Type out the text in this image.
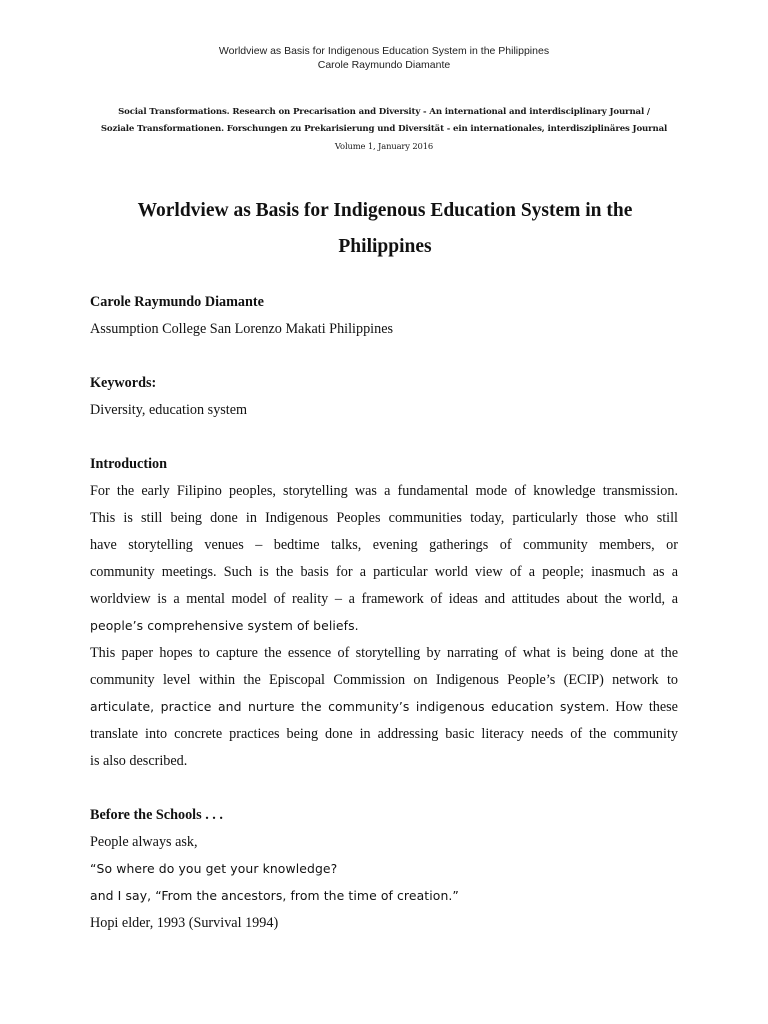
Worldview as Basis for Indigenous Education System in the Philippines
Carole Raymundo Diamante
Social Transformations. Research on Precarisation and Diversity - An international and interdisciplinary Journal /
Soziale Transformationen. Forschungen zu Prekarisierung und Diversität - ein internationales, interdisziplinäres Journal
Volume 1, January 2016
Worldview as Basis for Indigenous Education System in the
Philippines
Carole Raymundo Diamante
Assumption College San Lorenzo Makati Philippines
Keywords:
Diversity, education system
Introduction
For the early Filipino peoples, storytelling was a fundamental mode of knowledge transmission.
This is still being done in Indigenous Peoples communities today, particularly those who still
have storytelling venues – bedtime talks, evening gatherings of community members, or
community meetings. Such is the basis for a particular world view of a people; inasmuch as a
worldview is a mental model of reality – a framework of ideas and attitudes about the world, a
people’s comprehensive system of beliefs.
This paper hopes to capture the essence of storytelling by narrating of what is being done at the
community level within the Episcopal Commission on Indigenous People’s (ECIP) network to
articulate, practice and nurture the community’s indigenous education system. How these
translate into concrete practices being done in addressing basic literacy needs of the community
is also described.
Before the Schools . . .
People always ask,
“So where do you get your knowledge?
and I say, “From the ancestors, from the time of creation.”
Hopi elder, 1993 (Survival 1994)
